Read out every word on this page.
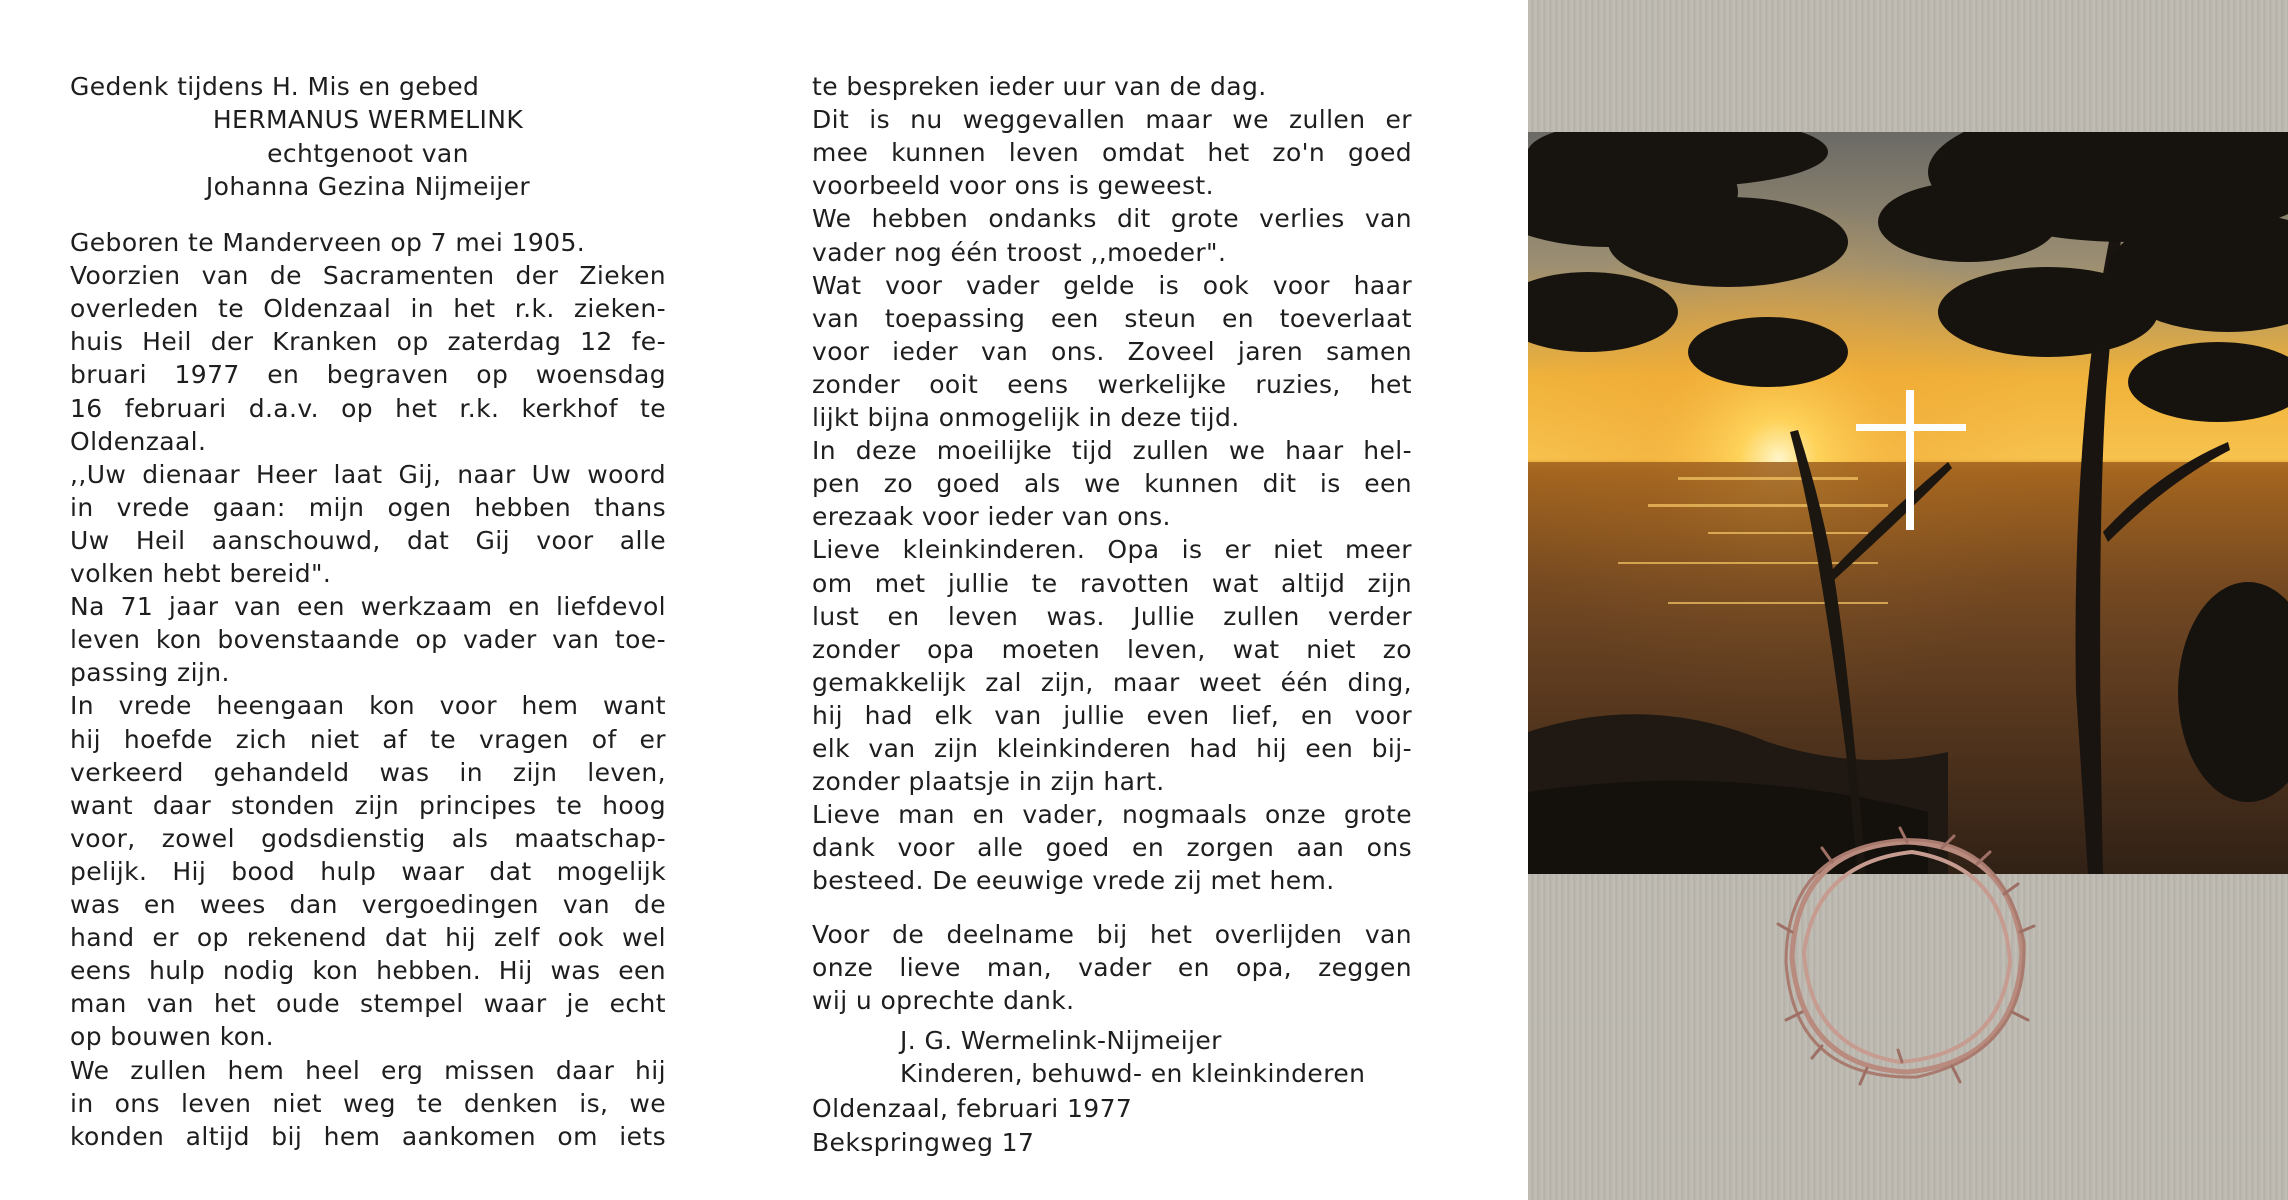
Gedenk tijdens H. Mis en gebed
HERMANUS WERMELINK
echtgenoot van
Johanna Gezina Nijmeijer
Geboren te Manderveen op 7 mei 1905.
Voorzien van de Sacramenten der Zieken
overleden te Oldenzaal in het r.k. zieken-
huis Heil der Kranken op zaterdag 12 fe-
bruari 1977 en begraven op woensdag
16 februari d.a.v. op het r.k. kerkhof te
Oldenzaal.
,,Uw dienaar Heer laat Gij, naar Uw woord
in vrede gaan: mijn ogen hebben thans
Uw Heil aanschouwd, dat Gij voor alle
volken hebt bereid".
Na 71 jaar van een werkzaam en liefdevol
leven kon bovenstaande op vader van toe-
passing zijn.
In vrede heengaan kon voor hem want
hij hoefde zich niet af te vragen of er
verkeerd gehandeld was in zijn leven,
want daar stonden zijn principes te hoog
voor, zowel godsdienstig als maatschap-
pelijk. Hij bood hulp waar dat mogelijk
was en wees dan vergoedingen van de
hand er op rekenend dat hij zelf ook wel
eens hulp nodig kon hebben. Hij was een
man van het oude stempel waar je echt
op bouwen kon.
We zullen hem heel erg missen daar hij
in ons leven niet weg te denken is, we
konden altijd bij hem aankomen om iets
te bespreken ieder uur van de dag.
Dit is nu weggevallen maar we zullen er
mee kunnen leven omdat het zo'n goed
voorbeeld voor ons is geweest.
We hebben ondanks dit grote verlies van
vader nog één troost ,,moeder".
Wat voor vader gelde is ook voor haar
van toepassing een steun en toeverlaat
voor ieder van ons. Zoveel jaren samen
zonder ooit eens werkelijke ruzies, het
lijkt bijna onmogelijk in deze tijd.
In deze moeilijke tijd zullen we haar hel-
pen zo goed als we kunnen dit is een
erezaak voor ieder van ons.
Lieve kleinkinderen. Opa is er niet meer
om met jullie te ravotten wat altijd zijn
lust en leven was. Jullie zullen verder
zonder opa moeten leven, wat niet zo
gemakkelijk zal zijn, maar weet één ding,
hij had elk van jullie even lief, en voor
elk van zijn kleinkinderen had hij een bij-
zonder plaatsje in zijn hart.
Lieve man en vader, nogmaals onze grote
dank voor alle goed en zorgen aan ons
besteed. De eeuwige vrede zij met hem.
Voor de deelname bij het overlijden van
onze lieve man, vader en opa, zeggen
wij u oprechte dank.
J. G. Wermelink-Nijmeijer
Kinderen, behuwd- en kleinkinderen
Oldenzaal, februari 1977
Bekspringweg 17
